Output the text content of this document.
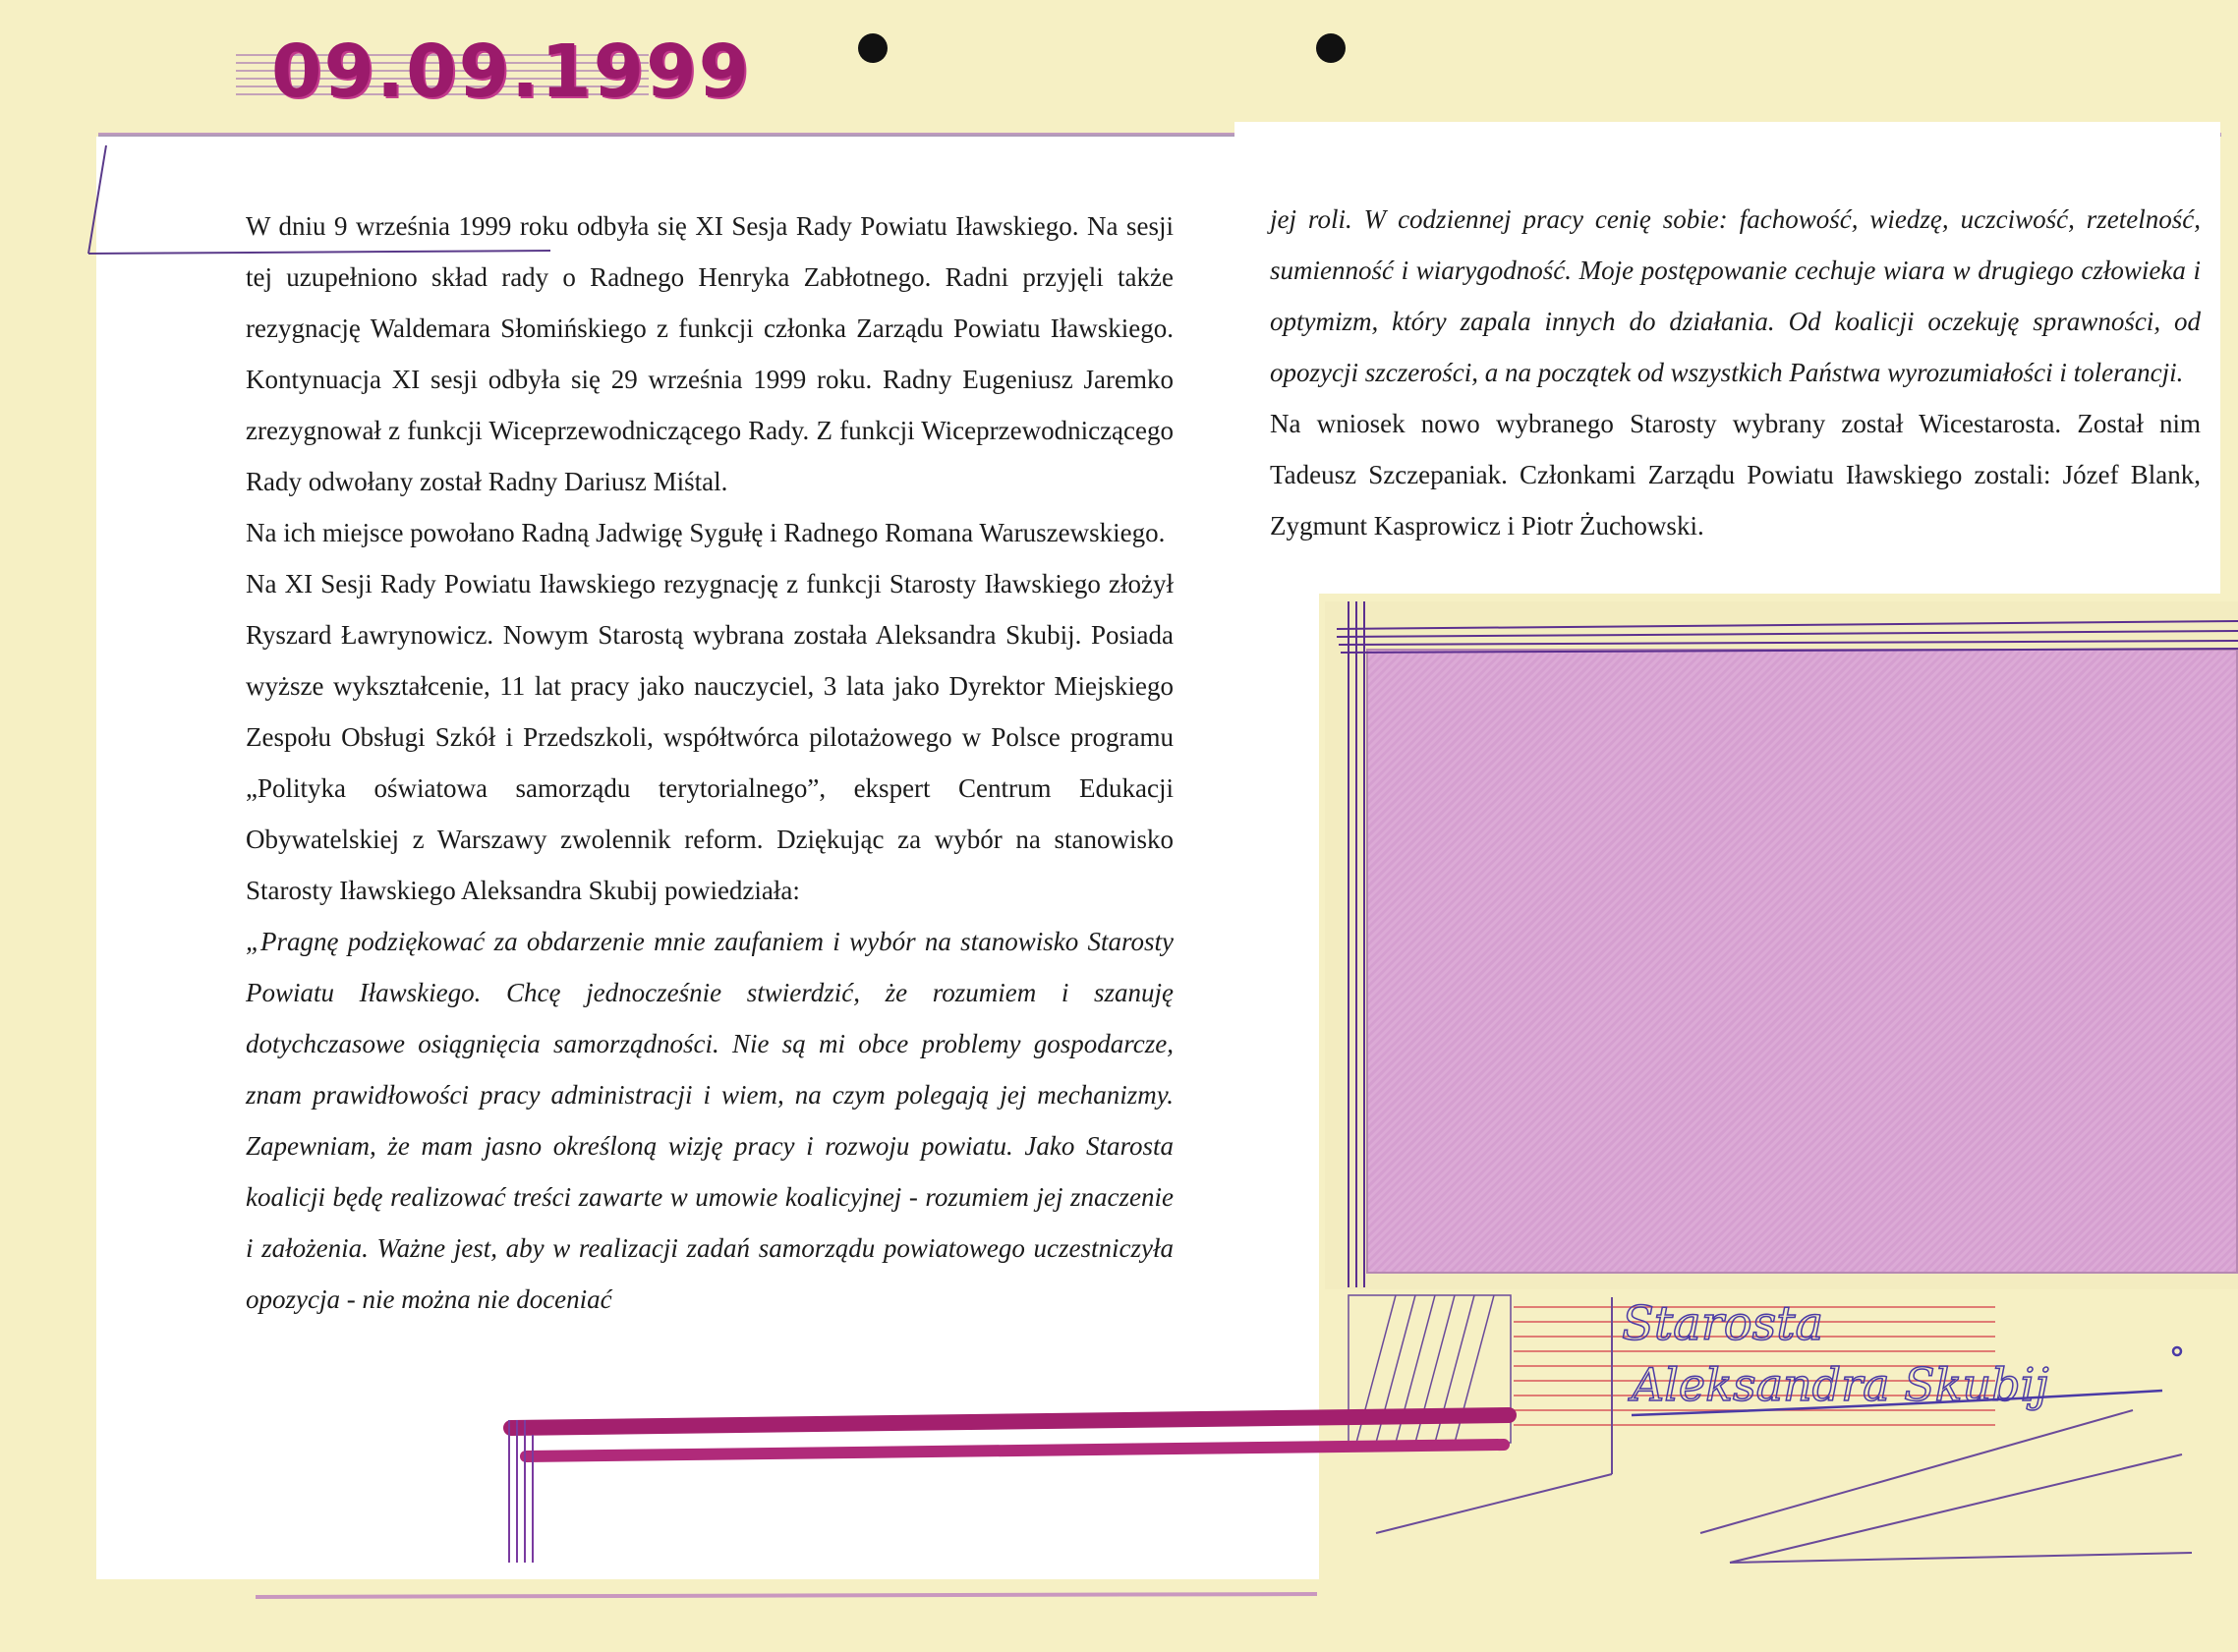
09.09.1999

W dniu 9 września 1999 roku odbyła się XI Sesja Rady Powiatu Iławskiego. Na sesji tej uzupełniono skład rady o Radnego Henryka Zabłotnego. Radni przyjęli także rezygnację Waldemara Słomińskiego z funkcji członka Zarządu Powiatu Iławskiego. Kontynuacja XI sesji odbyła się 29 września 1999 roku. Radny Eugeniusz Jaremko zrezygnował z funkcji Wiceprzewodniczącego Rady. Z funkcji Wiceprzewodniczącego Rady odwołany został Radny Dariusz Miśtal.

Na ich miejsce powołano Radną Jadwigę Sygułę i Radnego Romana Waruszewskiego.

Na XI Sesji Rady Powiatu Iławskiego rezygnację z funkcji Starosty Iławskiego złożył Ryszard Ławrynowicz. Nowym Starostą wybrana została Aleksandra Skubij. Posiada wyższe wykształcenie, 11 lat pracy jako nauczyciel, 3 lata jako Dyrektor Miejskiego Zespołu Obsługi Szkół i Przedszkoli, współtwórca pilotażowego w Polsce programu „Polityka oświatowa samorządu terytorialnego”, ekspert Centrum Edukacji Obywatelskiej z Warszawy zwolennik reform. Dziękując za wybór na stanowisko Starosty Iławskiego Aleksandra Skubij powiedziała:

„Pragnę podziękować za obdarzenie mnie zaufaniem i wybór na stanowisko Starosty Powiatu Iławskiego. Chcę jednocześnie stwierdzić, że rozumiem i szanuję dotychczasowe osiągnięcia samorządności. Nie są mi obce problemy gospodarcze, znam prawidłowości pracy administracji i wiem, na czym polegają jej mechanizmy. Zapewniam, że mam jasno określoną wizję pracy i rozwoju powiatu. Jako Starosta koalicji będę realizować treści zawarte w umowie koalicyjnej - rozumiem jej znaczenie i założenia. Ważne jest, aby w realizacji zadań samorządu powiatowego uczestniczyła opozycja - nie można nie doceniać

jej roli. W codziennej pracy cenię sobie: fachowość, wiedzę, uczciwość, rzetelność, sumienność i wiarygodność. Moje postępowanie cechuje wiara w drugiego człowieka i optymizm, który zapala innych do działania. Od koalicji oczekuję sprawności, od opozycji szczerości, a na początek od wszystkich Państwa wyrozumiałości i tolerancji.

Na wniosek nowo wybranego Starosty wybrany został Wicestarosta. Został nim Tadeusz Szczepaniak. Członkami Zarządu Powiatu Iławskiego zostali: Józef Blank, Zygmunt Kasprowicz i Piotr Żuchowski.

Starosta
Aleksandra Skubij
